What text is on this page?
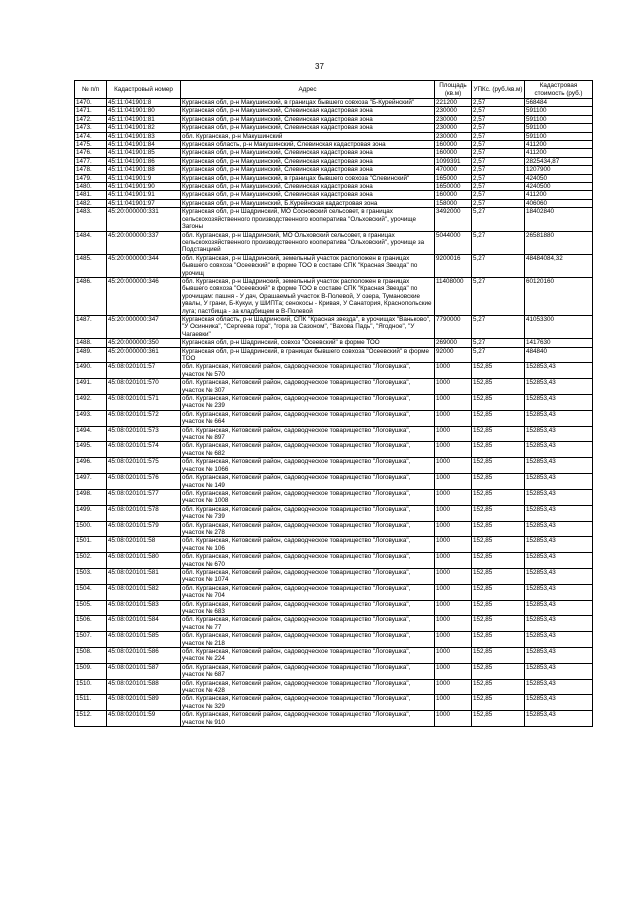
37
№ п/п	Кадастровый номер	Адрес	Площадь (кв.м)	УПКс. (руб./кв.м)	Кадастровая стоимость (руб.)
1470.	45:11:041901:8	Курганская обл, р-н Макушинский, в границах бывшего совхоза "Б-Курейнский"	221200	2,57	568484
1471.	45:11:041901:80	Курганская обл, р-н Макушинский, Слевинская кадастровая зона	230000	2,57	591100
1472.	45:11:041901:81	Курганская обл, р-н Макушинский, Слевинская кадастровая зона	230000	2,57	591100
1473.	45:11:041901:82	Курганская обл, р-н Макушинский, Слевинская кадастровая зона	230000	2,57	591100
1474.	45:11:041901:83	обл. Курганская, р-н Макушинский	230000	2,57	591100
1475.	45:11:041901:84	Курганская область, р-н Макушинский, Слевинская кадастровая зона	160000	2,57	411200
1476.	45:11:041901:85	Курганская обл, р-н Макушинский, Слевинская кадастровая зона	160000	2,57	411200
1477.	45:11:041901:86	Курганская обл, р-н Макушинский, Слевинская кадастровая зона	1099391	2,57	2825434,87
1478.	45:11:041901:88	Курганская обл, р-н Макушинский, Слевинская кадастровая зона	470000	2,57	1207900
1479.	45:11:041901:9	Курганская обл, р-н Макушинский, в границах бывшего совхоза "Слевинский"	165000	2,57	424050
1480.	45:11:041901:90	Курганская обл, р-н Макушинский, Слевинская кадастровая зона	1650000	2,57	4240500
1481.	45:11:041901:91	Курганская обл, р-н Макушинский, Слевинская кадастровая зона	160000	2,57	411200
1482.	45:11:041901:97	Курганская обл, р-н Макушинский, Б.Курейнская кадастровая зона	158000	2,57	406060
1483.	45:20:000000:331	Курганская обл, р-н Шадринский, МО Сосновский сельсовет, в границах сельскохозяйственного производственного кооператива "Ольховский", урочище Загоны	3492000	5,27	18402840
1484.	45:20:000000:337	обл. Курганская, р-н Шадринский, МО Ольховский сельсовет, в границах сельскохозяйственного производственного кооператива "Ольховский", урочище за Подстанцией	5044000	5,27	26581880
1485.	45:20:000000:344	обл. Курганская, р-н Шадринский, земельный участок расположен в границах бывшего совхоза "Осеевский" в форме ТОО в составе СПК "Красная Звезда" по урочищ	9200016	5,27	48484084,32
1486.	45:20:000000:346	обл. Курганская, р-н Шадринский, земельный участок расположен в границах бывшего совхоза "Осеевский" в форме ТОО в составе СПК "Красная Звезда" по урочищам: пашня - У дач, Орашаемый участок В-Полевой, У озера, Тумановские увалы, У грани, Б-Кукуи, у ШИПТа; сенокосы - Кривая, У Санатория, Краснопольские луга; пастбища - за кладбищем в В-Полевой	11408000	5,27	60120160
1487.	45:20:000000:347	Курганская область, р-н Шадринский, СПК "Красная звезда", в урочищах "Ваньково", "У Осинника", "Сергеева гора", "гора за Сазоном", "Вахова Падь", "Ягодное", "У Чагаевки"	7790000	5,27	41053300
1488.	45:20:000000:350	Курганская обл, р-н Шадринский, совхоз "Осеевский" в форме ТОО	269000	5,27	1417630
1489.	45:20:000000:361	Курганская обл, р-н Шадринский, в границах бывшего совхоза "Осеевский" в форме ТОО	92000	5,27	484840
1490.	45:08:020101:57	обл. Курганская, Кетовский район, садоводческое товарищество "Логовушка", участок № 570	1000	152,85	152853,43
1491.	45:08:020101:570	обл. Курганская, Кетовский район, садоводческое товарищество "Логовушка", участок № 307	1000	152,85	152853,43
1492.	45:08:020101:571	обл. Курганская, Кетовский район, садоводческое товарищество "Логовушка", участок № 239	1000	152,85	152853,43
1493.	45:08:020101:572	обл. Курганская, Кетовский район, садоводческое товарищество "Логовушка", участок № 664	1000	152,85	152853,43
1494.	45:08:020101:573	обл. Курганская, Кетовский район, садоводческое товарищество "Логовушка", участок № 897	1000	152,85	152853,43
1495.	45:08:020101:574	обл. Курганская, Кетовский район, садоводческое товарищество "Логовушка", участок № 682	1000	152,85	152853,43
1496.	45:08:020101:575	обл. Курганская, Кетовский район, садоводческое товарищество "Логовушка", участок № 1066	1000	152,85	152853,43
1497.	45:08:020101:576	обл. Курганская, Кетовский район, садоводческое товарищество "Логовушка", участок № 149	1000	152,85	152853,43
1498.	45:08:020101:577	обл. Курганская, Кетовский район, садоводческое товарищество "Логовушка", участок № 1008	1000	152,85	152853,43
1499.	45:08:020101:578	обл. Курганская, Кетовский район, садоводческое товарищество "Логовушка", участок № 739	1000	152,85	152853,43
1500.	45:08:020101:579	обл. Курганская, Кетовский район, садоводческое товарищество "Логовушка", участок № 278	1000	152,85	152853,43
1501.	45:08:020101:58	обл. Курганская, Кетовский район, садоводческое товарищество "Логовушка", участок № 106	1000	152,85	152853,43
1502.	45:08:020101:580	обл. Курганская, Кетовский район, садоводческое товарищество "Логовушка", участок № 670	1000	152,85	152853,43
1503.	45:08:020101:581	обл. Курганская, Кетовский район, садоводческое товарищество "Логовушка", участок № 1074	1000	152,85	152853,43
1504.	45:08:020101:582	обл. Курганская, Кетовский район, садоводческое товарищество "Логовушка", участок № 704	1000	152,85	152853,43
1505.	45:08:020101:583	обл. Курганская, Кетовский район, садоводческое товарищество "Логовушка", участок № 683	1000	152,85	152853,43
1506.	45:08:020101:584	обл. Курганская, Кетовский район, садоводческое товарищество "Логовушка", участок № 77	1000	152,85	152853,43
1507.	45:08:020101:585	обл. Курганская, Кетовский район, садоводческое товарищество "Логовушка", участок № 218	1000	152,85	152853,43
1508.	45:08:020101:586	обл. Курганская, Кетовский район, садоводческое товарищество "Логовушка", участок № 224	1000	152,85	152853,43
1509.	45:08:020101:587	обл. Курганская, Кетовский район, садоводческое товарищество "Логовушка", участок № 687	1000	152,85	152853,43
1510.	45:08:020101:588	обл. Курганская, Кетовский район, садоводческое товарищество "Логовушка", участок № 428	1000	152,85	152853,43
1511.	45:08:020101:589	обл. Курганская, Кетовский район, садоводческое товарищество "Логовушка", участок № 329	1000	152,85	152853,43
1512.	45:08:020101:59	обл. Курганская, Кетовский район, садоводческое товарищество "Логовушка", участок № 910	1000	152,85	152853,43
